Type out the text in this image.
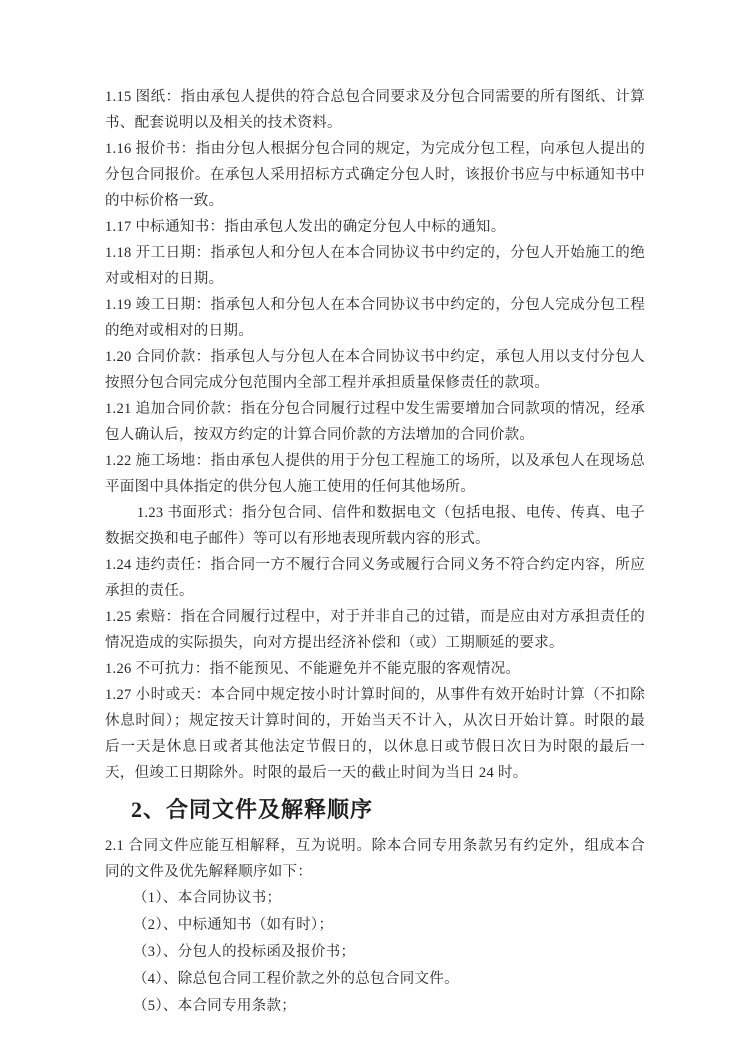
1.15 图纸：指由承包人提供的符合总包合同要求及分包合同需要的所有图纸、计算书、配套说明以及相关的技术资料。

1.16 报价书：指由分包人根据分包合同的规定，为完成分包工程，向承包人提出的分包合同报价。在承包人采用招标方式确定分包人时，该报价书应与中标通知书中的中标价格一致。

1.17 中标通知书：指由承包人发出的确定分包人中标的通知。

1.18 开工日期：指承包人和分包人在本合同协议书中约定的，分包人开始施工的绝对或相对的日期。

1.19 竣工日期：指承包人和分包人在本合同协议书中约定的，分包人完成分包工程的绝对或相对的日期。

1.20 合同价款：指承包人与分包人在本合同协议书中约定，承包人用以支付分包人按照分包合同完成分包范围内全部工程并承担质量保修责任的款项。

1.21 追加合同价款：指在分包合同履行过程中发生需要增加合同款项的情况，经承包人确认后，按双方约定的计算合同价款的方法增加的合同价款。

1.22 施工场地：指由承包人提供的用于分包工程施工的场所，以及承包人在现场总平面图中具体指定的供分包人施工使用的任何其他场所。

1.23 书面形式：指分包合同、信件和数据电文（包括电报、电传、传真、电子数据交换和电子邮件）等可以有形地表现所载内容的形式。

1.24 违约责任：指合同一方不履行合同义务或履行合同义务不符合约定内容，所应承担的责任。

1.25 索赔：指在合同履行过程中，对于并非自己的过错，而是应由对方承担责任的情况造成的实际损失，向对方提出经济补偿和（或）工期顺延的要求。

1.26 不可抗力：指不能预见、不能避免并不能克服的客观情况。

1.27 小时或天：本合同中规定按小时计算时间的，从事件有效开始时计算（不扣除休息时间）；规定按天计算时间的，开始当天不计入，从次日开始计算。时限的最后一天是休息日或者其他法定节假日的，以休息日或节假日次日为时限的最后一天，但竣工日期除外。时限的最后一天的截止时间为当日 24 时。

2、合同文件及解释顺序

2.1 合同文件应能互相解释，互为说明。除本合同专用条款另有约定外，组成本合同的文件及优先解释顺序如下：

（1）、本合同协议书；

（2）、中标通知书（如有时）；

（3）、分包人的投标函及报价书；

（4）、除总包合同工程价款之外的总包合同文件。

（5）、本合同专用条款；
